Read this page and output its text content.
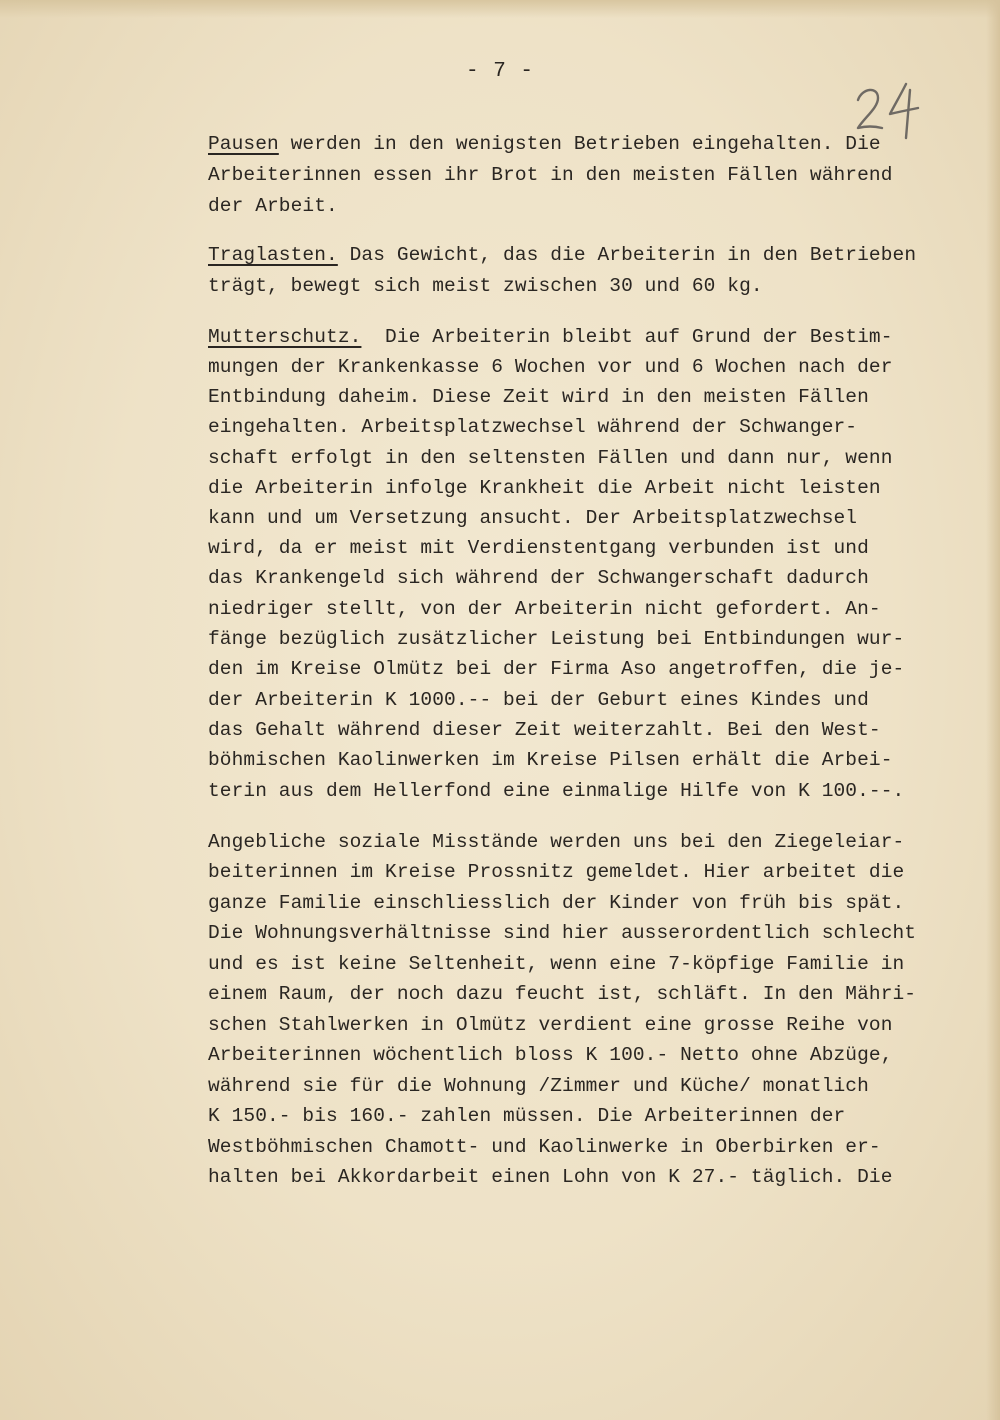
- 7 -

Pausen werden in den wenigsten Betrieben eingehalten. Die

Arbeiterinnen essen ihr Brot in den meisten Fällen während

der Arbeit.

Traglasten. Das Gewicht, das die Arbeiterin in den Betrieben

trägt, bewegt sich meist zwischen 30 und 60 kg.

Mutterschutz.  Die Arbeiterin bleibt auf Grund der Bestim-

mungen der Krankenkasse 6 Wochen vor und 6 Wochen nach der

Entbindung daheim. Diese Zeit wird in den meisten Fällen

eingehalten. Arbeitsplatzwechsel während der Schwanger-

schaft erfolgt in den seltensten Fällen und dann nur, wenn

die Arbeiterin infolge Krankheit die Arbeit nicht leisten

kann und um Versetzung ansucht. Der Arbeitsplatzwechsel

wird, da er meist mit Verdienstentgang verbunden ist und

das Krankengeld sich während der Schwangerschaft dadurch

niedriger stellt, von der Arbeiterin nicht gefordert. An-

fänge bezüglich zusätzlicher Leistung bei Entbindungen wur-

den im Kreise Olmütz bei der Firma Aso angetroffen, die je-

der Arbeiterin K 1000.-- bei der Geburt eines Kindes und

das Gehalt während dieser Zeit weiterzahlt. Bei den West-

böhmischen Kaolinwerken im Kreise Pilsen erhält die Arbei-

terin aus dem Hellerfond eine einmalige Hilfe von K 100.--.

Angebliche soziale Misstände werden uns bei den Ziegeleiar-

beiterinnen im Kreise Prossnitz gemeldet. Hier arbeitet die

ganze Familie einschliesslich der Kinder von früh bis spät.

Die Wohnungsverhältnisse sind hier ausserordentlich schlecht

und es ist keine Seltenheit, wenn eine 7-köpfige Familie in

einem Raum, der noch dazu feucht ist, schläft. In den Mähri-

schen Stahlwerken in Olmütz verdient eine grosse Reihe von

Arbeiterinnen wöchentlich bloss K 100.- Netto ohne Abzüge,

während sie für die Wohnung /Zimmer und Küche/ monatlich

K 150.- bis 160.- zahlen müssen. Die Arbeiterinnen der

Westböhmischen Chamott- und Kaolinwerke in Oberbirken er-

halten bei Akkordarbeit einen Lohn von K 27.- täglich. Die
